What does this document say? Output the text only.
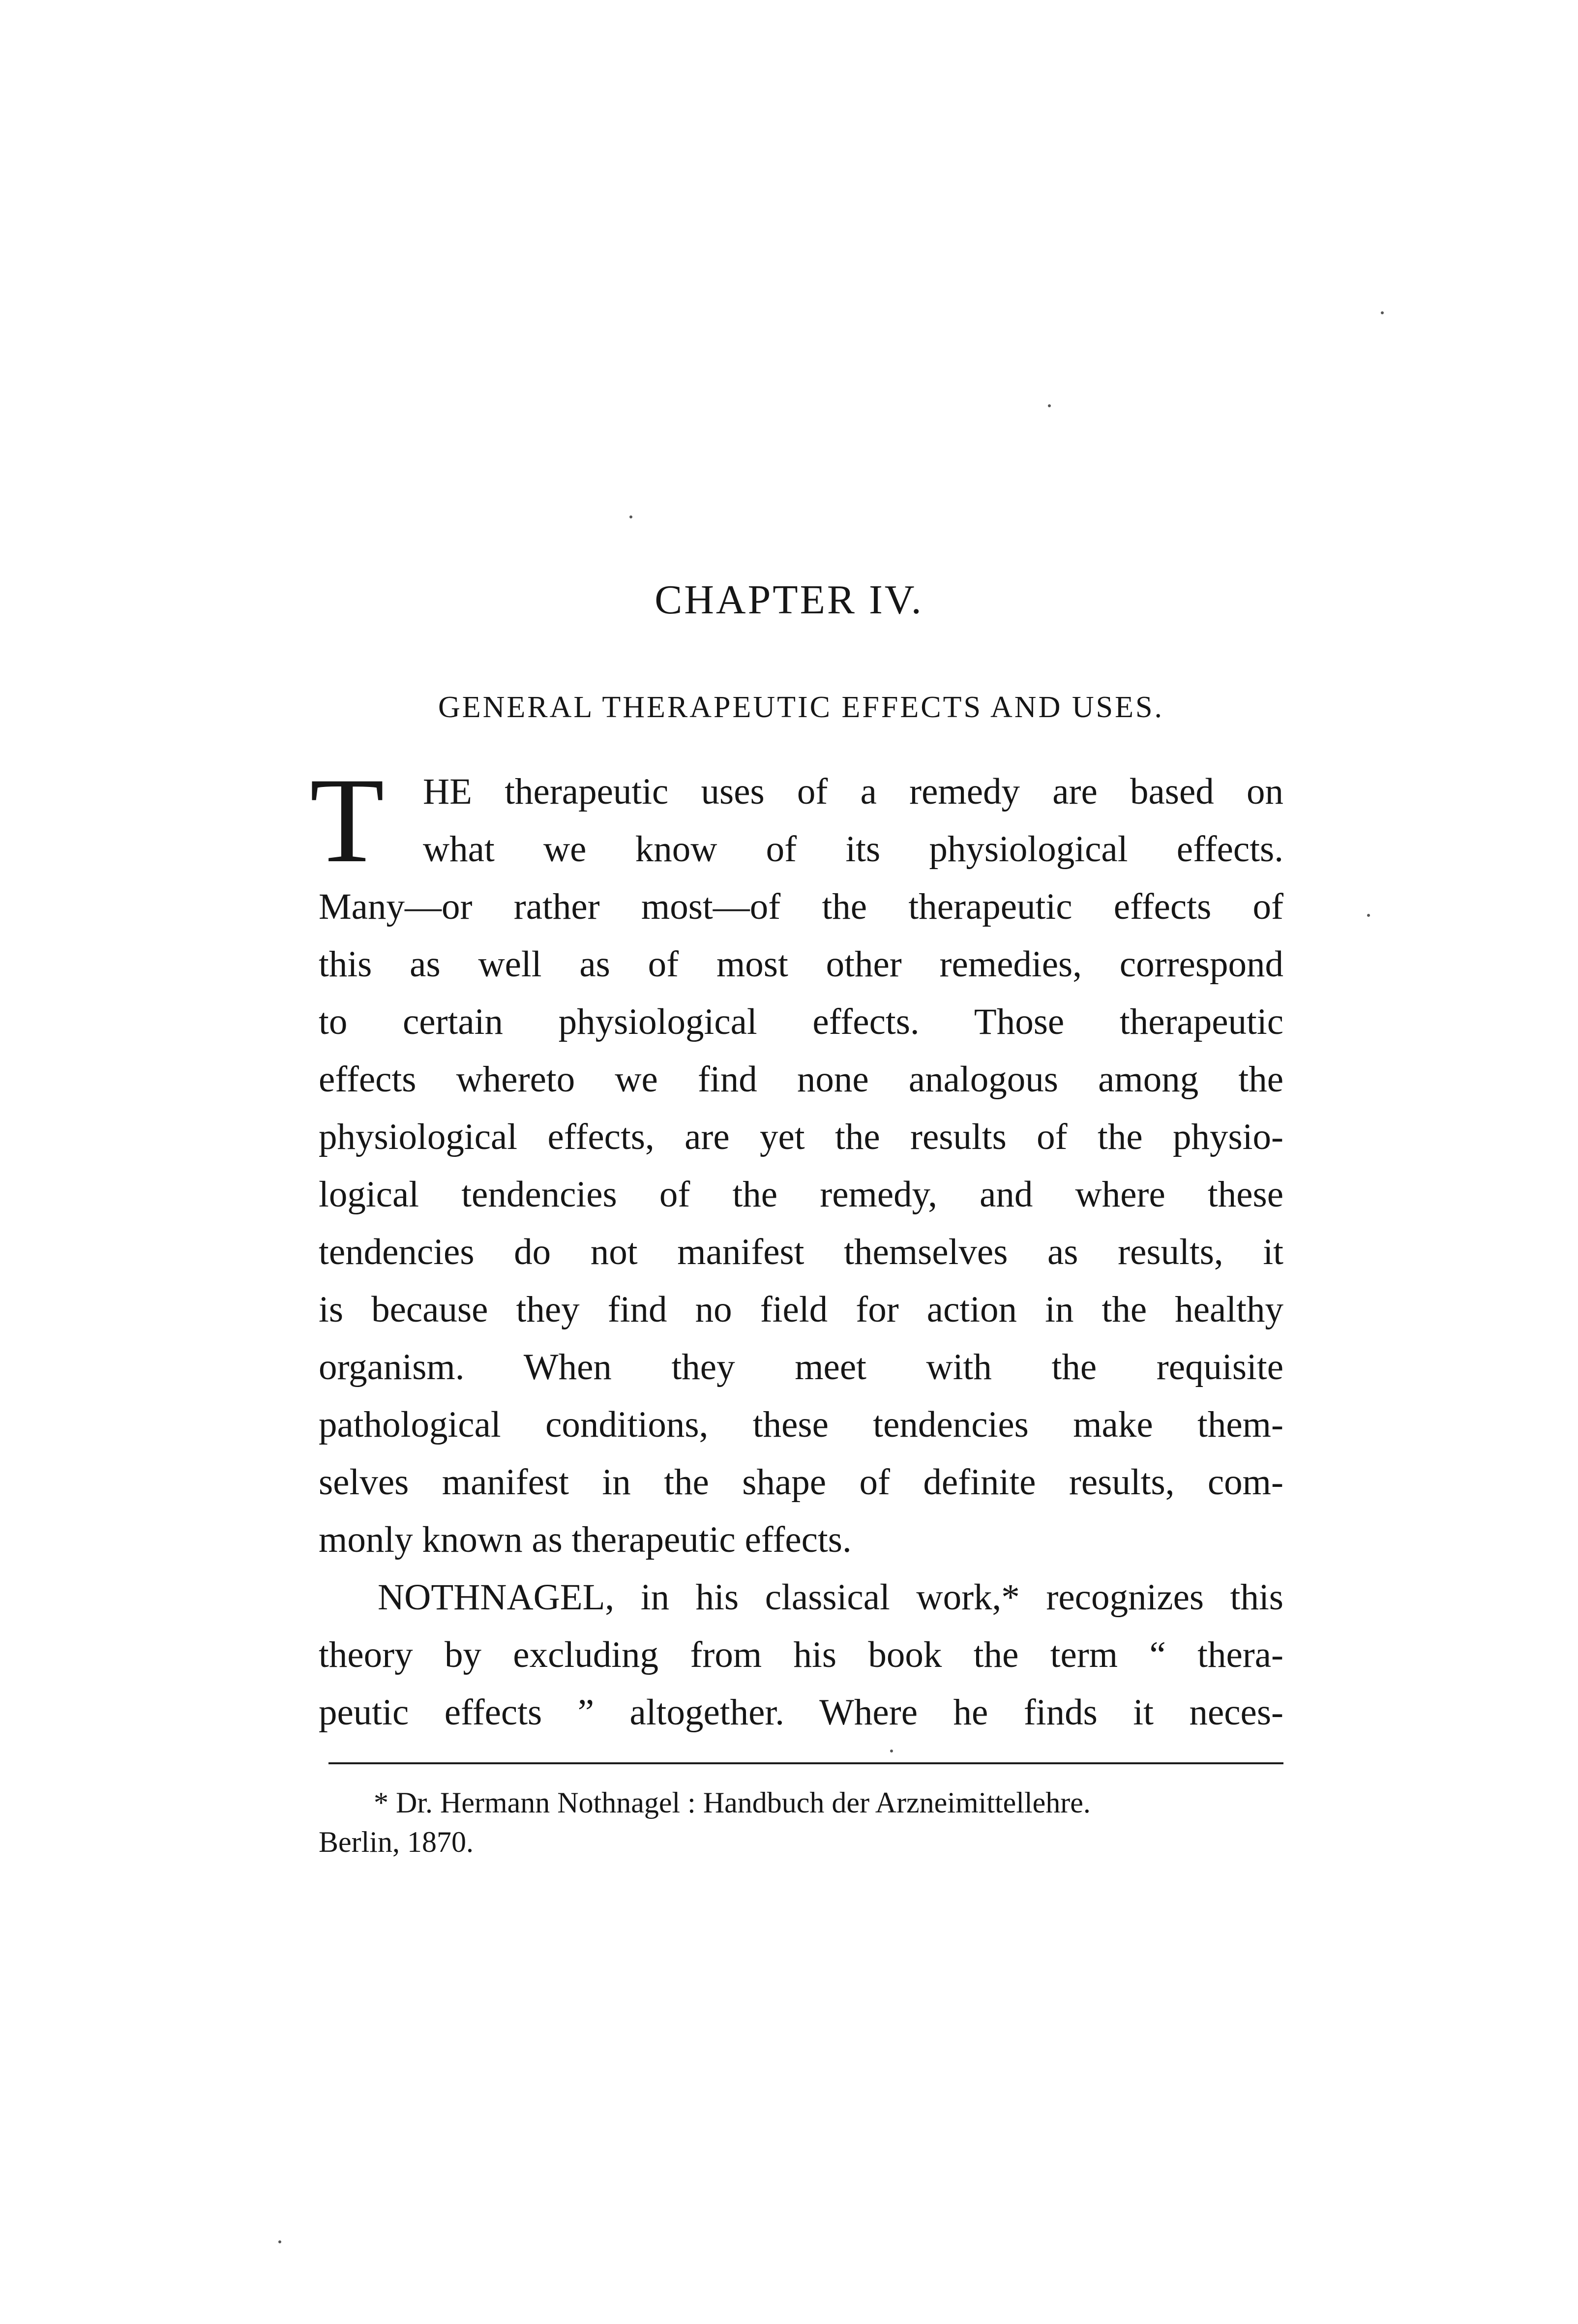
CHAPTER IV.
GENERAL THERAPEUTIC EFFECTS AND USES.
T HE therapeutic uses of a remedy are based on
what we know of its physiological effects.
Many—or rather most—of the therapeutic effects of
this as well as of most other remedies, correspond
to certain physiological effects. Those therapeutic
effects whereto we find none analogous among the
physiological effects, are yet the results of the physio-
logical tendencies of the remedy, and where these
tendencies do not manifest themselves as results, it
is because they find no field for action in the healthy
organism. When they meet with the requisite
pathological conditions, these tendencies make them-
selves manifest in the shape of definite results, com-
monly known as therapeutic effects.
NOTHNAGEL, in his classical work,* recognizes this
theory by excluding from his book the term “ thera-
peutic effects ” altogether. Where he finds it neces-
* Dr. Hermann Nothnagel : Handbuch der Arzneimittellehre.
Berlin, 1870.
